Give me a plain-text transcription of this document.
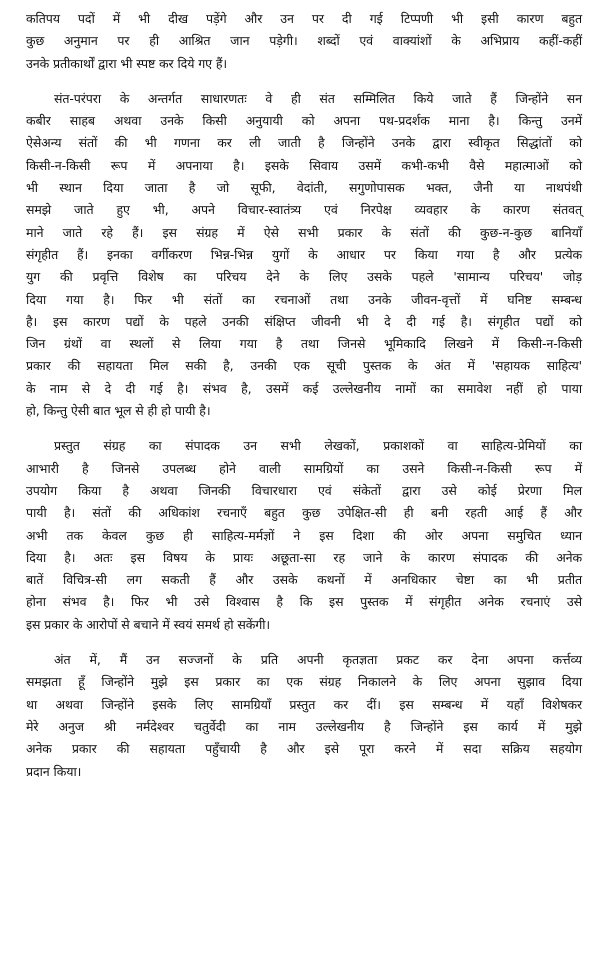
कतिपय पदों में भी दीख पड़ेंगे और उन पर दी गई टिप्पणी भी इसी कारण बहुत
कुछ अनुमान पर ही आश्रित जान पड़ेगी। शब्दों एवं वाक्यांशों के अभिप्राय कहीं-कहीं
उनके प्रतीकार्थों द्वारा भी स्पष्ट कर दिये गए हैं।
संत-परंपरा के अन्तर्गत साधारणतः वे ही संत सम्मिलित किये जाते हैं जिन्होंने सन
कबीर साहब अथवा उनके किसी अनुयायी को अपना पथ-प्रदर्शक माना है। किन्तु उनमें
ऐसेअन्य संतों की भी गणना कर ली जाती है जिन्होंने उनके द्वारा स्वीकृत सिद्धांतों को
किसी-न-किसी रूप में अपनाया है। इसके सिवाय उसमें कभी-कभी वैसे महात्माओं को
भी स्थान दिया जाता है जो सूफी, वेदांती, सगुणोपासक भक्त, जैनी या नाथपंथी
समझे जाते हुए भी, अपने विचार-स्वातंत्र्य एवं निरपेक्ष व्यवहार के कारण संतवत्
माने जाते रहे हैं। इस संग्रह में ऐसे सभी प्रकार के संतों की कुछ-न-कुछ बानियाँ
संगृहीत हैं। इनका वर्गीकरण भिन्न-भिन्न युगों के आधार पर किया गया है और प्रत्येक
युग की प्रवृत्ति विशेष का परिचय देने के लिए उसके पहले 'सामान्य परिचय' जोड़
दिया गया है। फिर भी संतों का रचनाओं तथा उनके जीवन-वृत्तों में घनिष्ट सम्बन्ध
है। इस कारण पद्यों के पहले उनकी संक्षिप्त जीवनी भी दे दी गई है। संगृहीत पद्यों को
जिन ग्रंथों वा स्थलों से लिया गया है तथा जिनसे भूमिकादि लिखने में किसी-न-किसी
प्रकार की सहायता मिल सकी है, उनकी एक सूची पुस्तक के अंत में 'सहायक साहित्य'
के नाम से दे दी गई है। संभव है, उसमें कई उल्लेखनीय नामों का समावेश नहीं हो पाया
हो, किन्तु ऐसी बात भूल से ही हो पायी है।
प्रस्तुत संग्रह का संपादक उन सभी लेखकों, प्रकाशकों वा साहित्य-प्रेमियों का
आभारी है जिनसे उपलब्ध होने वाली सामग्रियों का उसने किसी-न-किसी रूप में
उपयोग किया है अथवा जिनकी विचारधारा एवं संकेतों द्वारा उसे कोई प्रेरणा मिल
पायी है। संतों की अधिकांश रचनाएँ बहुत कुछ उपेक्षित-सी ही बनी रहती आई हैं और
अभी तक केवल कुछ ही साहित्य-मर्मज्ञों ने इस दिशा की ओर अपना समुचित ध्यान
दिया है। अतः इस विषय के प्रायः अछूता-सा रह जाने के कारण संपादक की अनेक
बातें विचित्र-सी लग सकती हैं और उसके कथनों में अनधिकार चेष्टा का भी प्रतीत
होना संभव है। फिर भी उसे विश्वास है कि इस पुस्तक में संगृहीत अनेक रचनाएं उसे
इस प्रकार के आरोपों से बचाने में स्वयं समर्थ हो सकेंगी।
अंत में, मैं उन सज्जनों के प्रति अपनी कृतज्ञता प्रकट कर देना अपना कर्त्तव्य
समझता हूँ जिन्होंने मुझे इस प्रकार का एक संग्रह निकालने के लिए अपना सुझाव दिया
था अथवा जिन्होंने इसके लिए सामग्रियाँ प्रस्तुत कर दीं। इस सम्बन्ध में यहाँ विशेषकर
मेरे अनुज श्री नर्मदेश्वर चतुर्वेदी का नाम उल्लेखनीय है जिन्होंने इस कार्य में मुझे
अनेक प्रकार की सहायता पहुँचायी है और इसे पूरा करने में सदा सक्रिय सहयोग
प्रदान किया।
